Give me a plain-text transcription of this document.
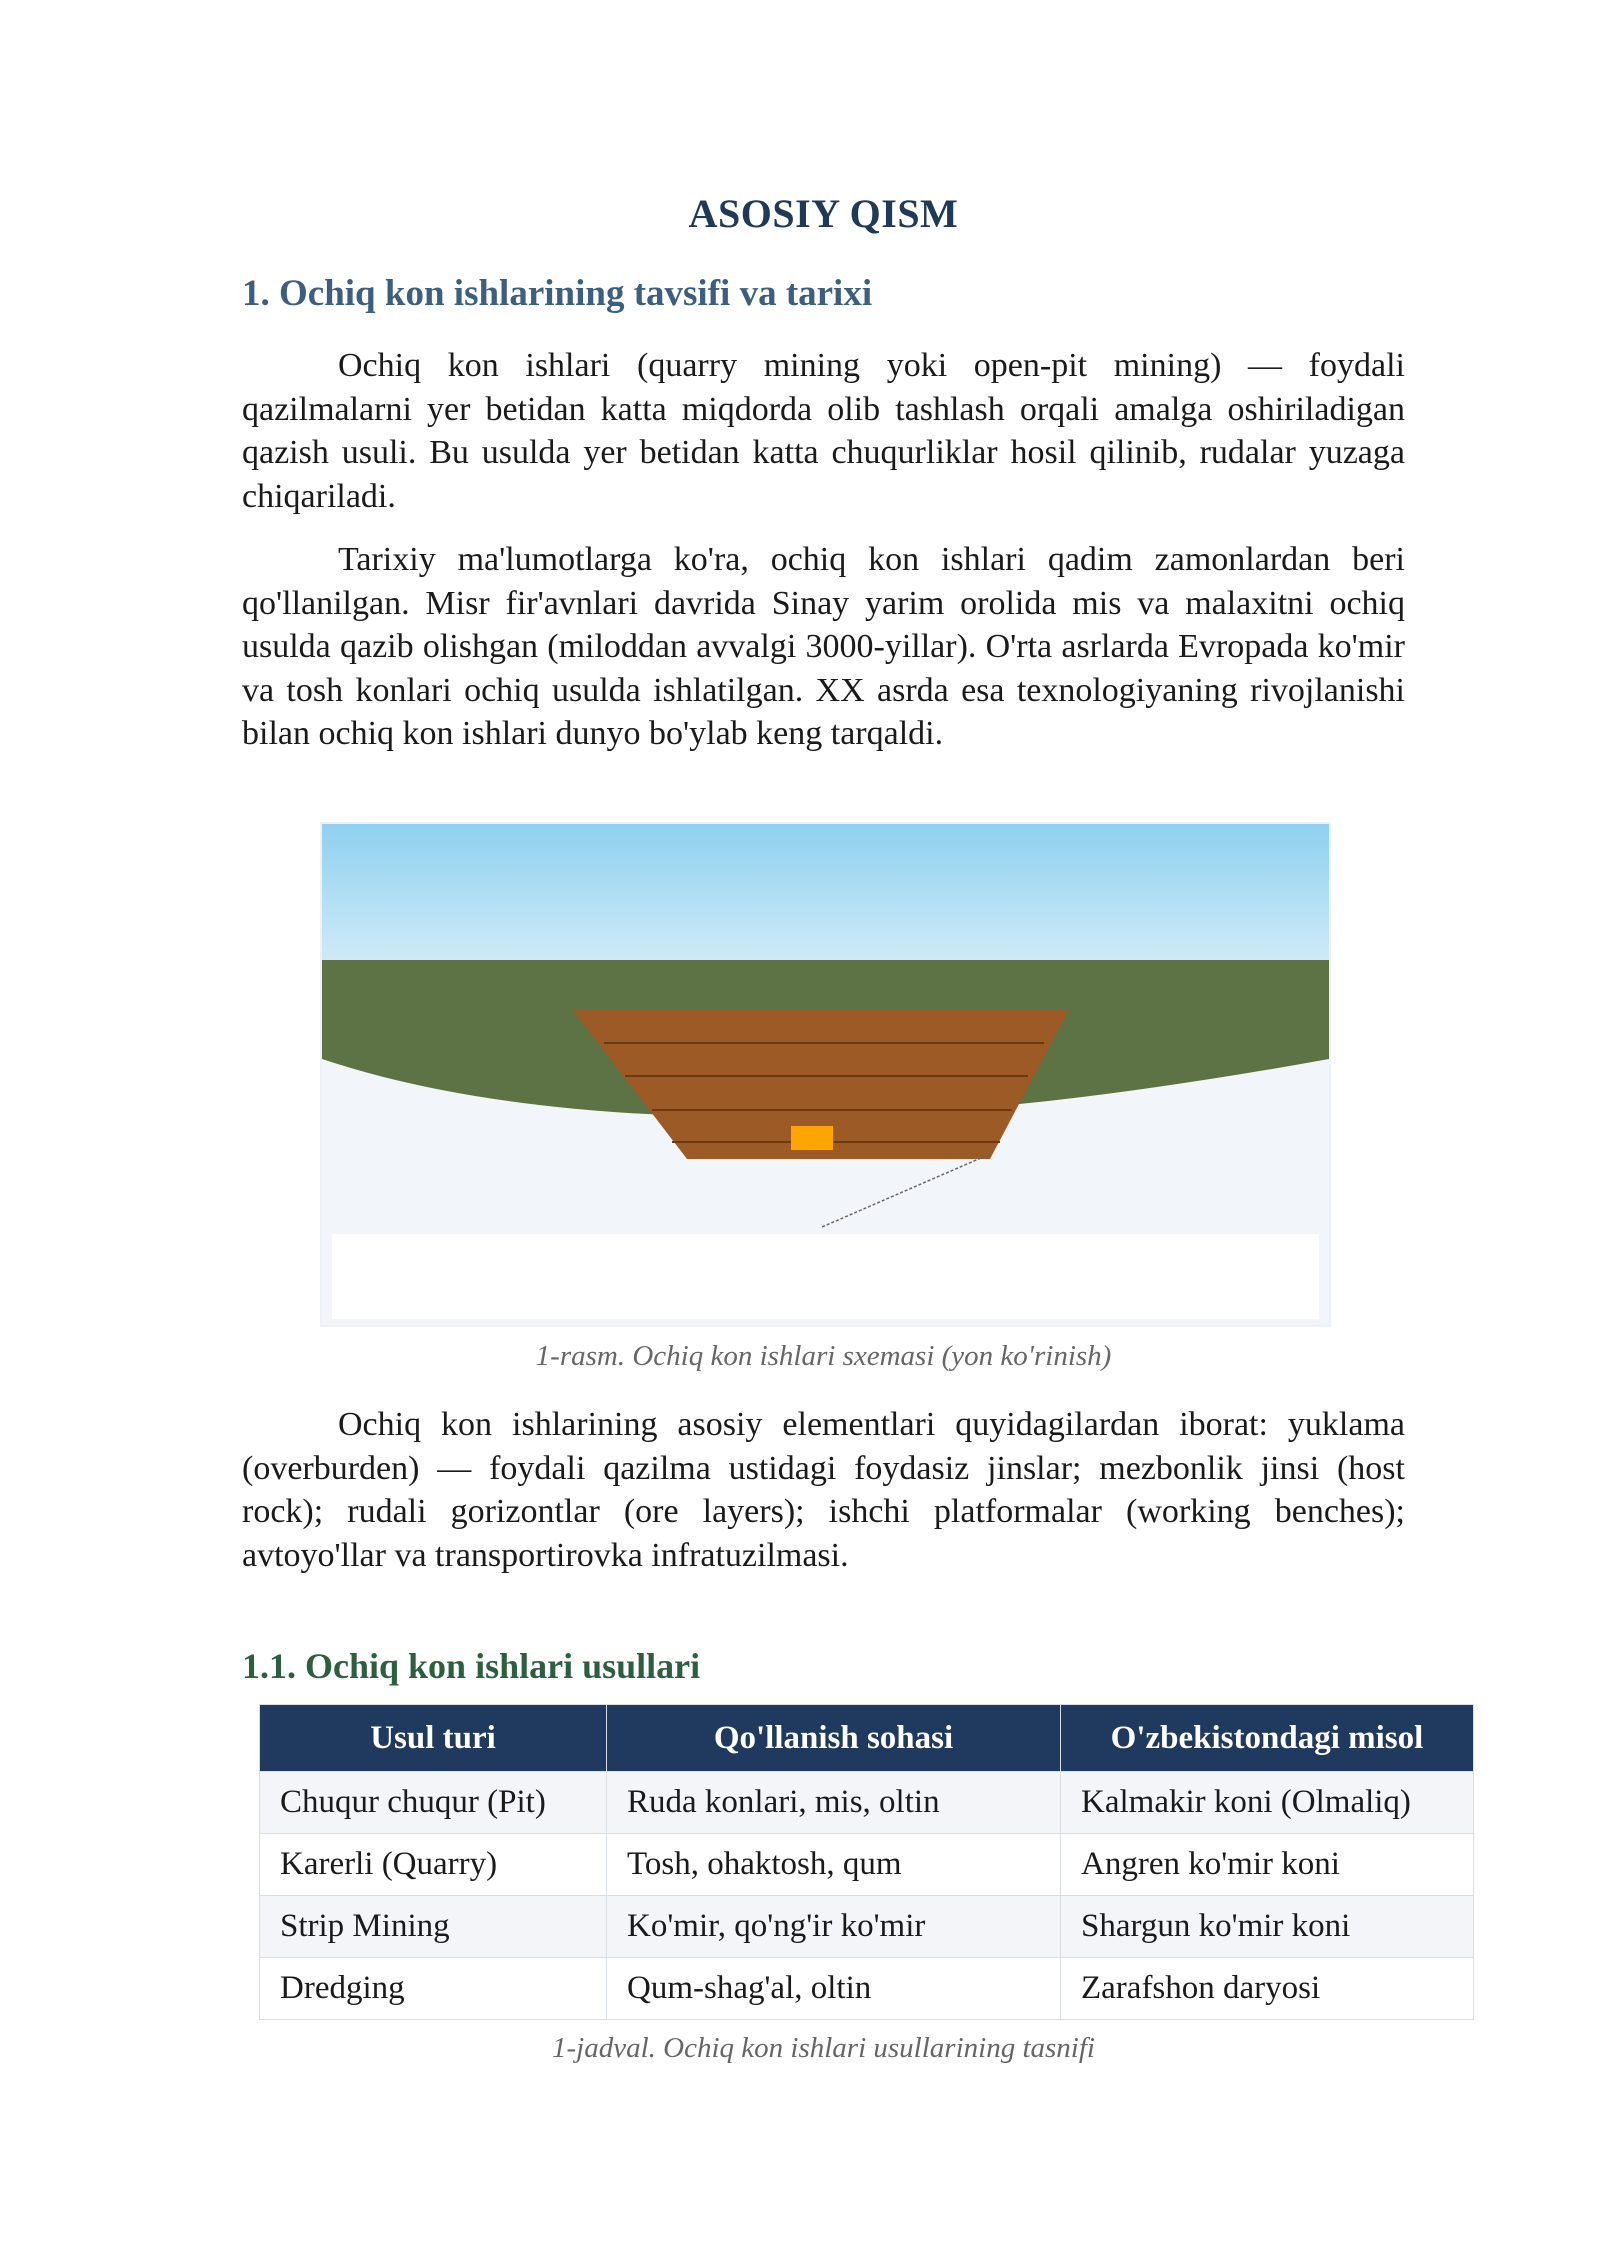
ASOSIY QISM
1. Ochiq kon ishlarining tavsifi va tarixi

Ochiq kon ishlari (quarry mining yoki open-pit mining) — foydali qazilmalarni yer betidan katta miqdorda olib tashlash orqali amalga oshiriladigan qazish usuli. Bu usulda yer betidan katta chuqurliklar hosil qilinib, rudalar yuzaga chiqariladi.

Tarixiy ma'lumotlarga ko'ra, ochiq kon ishlari qadim zamonlardan beri qo'llanilgan. Misr fir'avnlari davrida Sinay yarim orolida mis va malaxitni ochiq usulda qazib olishgan (miloddan avvalgi 3000-yillar). O'rta asrlarda Evropada ko'mir va tosh konlari ochiq usulda ishlatilgan. XX asrda esa texnologiyaning rivojlanishi bilan ochiq kon ishlari dunyo bo'ylab keng tarqaldi.

1-rasm. Ochiq kon ishlari sxemasi (yon ko'rinish)

Ochiq kon ishlarining asosiy elementlari quyidagilardan iborat: yuklama (overburden) — foydali qazilma ustidagi foydasiz jinslar; mezbonlik jinsi (host rock); rudali gorizontlar (ore layers); ishchi platformalar (working benches); avtoyo'llar va transportirovka infratuzilmasi.

1.1. Ochiq kon ishlari usullari
Usul turi	Qo'llanish sohasi	O'zbekistondagi misol
Chuqur chuqur (Pit)	Ruda konlari, mis, oltin	Kalmakir koni (Olmaliq)
Karerli (Quarry)	Tosh, ohaktosh, qum	Angren ko'mir koni
Strip Mining	Ko'mir, qo'ng'ir ko'mir	Shargun ko'mir koni
Dredging	Qum-shag'al, oltin	Zarafshon daryosi
1-jadval. Ochiq kon ishlari usullarining tasnifi
